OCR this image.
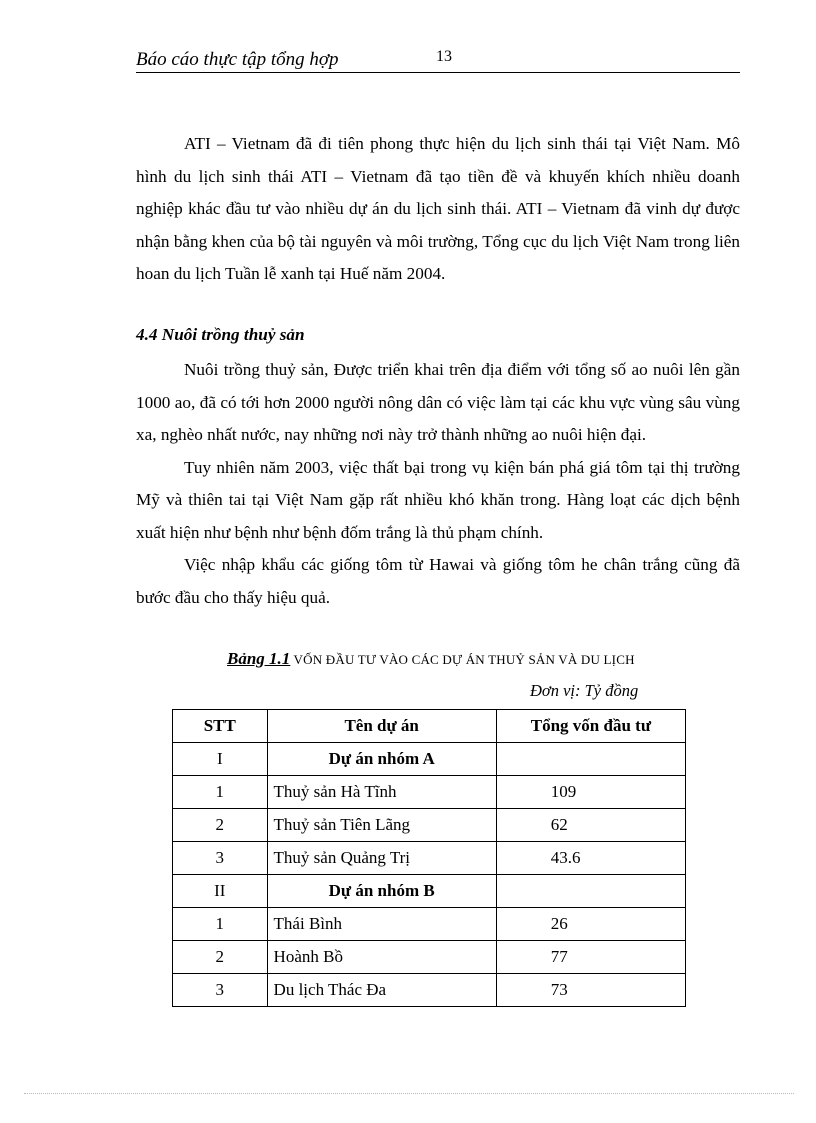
Báo cáo thực tập tổng hợp	13

ATI – Vietnam đã đi tiên phong thực hiện du lịch sinh thái tại Việt Nam. Mô hình du lịch sinh thái ATI – Vietnam đã tạo tiền đề và khuyến khích nhiều doanh nghiệp khác đầu tư vào nhiều dự án du lịch sinh thái. ATI – Vietnam đã vinh dự được nhận bằng khen của bộ tài nguyên và môi trường, Tổng cục du lịch Việt Nam trong liên hoan du lịch Tuần lễ xanh tại Huế năm 2004.

4.4 Nuôi trồng thuỷ sản

Nuôi trồng thuỷ sản, Được triển khai trên địa điểm với tổng số ao nuôi lên gần 1000 ao, đã có tới hơn 2000 người nông dân có việc làm tại các khu vực vùng sâu vùng xa, nghèo nhất nước, nay những nơi này trở thành những ao nuôi hiện đại.

Tuy nhiên năm 2003, việc thất bại trong vụ kiện bán phá giá tôm tại thị trường Mỹ và thiên tai tại Việt Nam gặp rất nhiều khó khăn trong. Hàng loạt các dịch bệnh xuất hiện như bệnh như bệnh đốm trắng là thủ phạm chính.

Việc nhập khẩu các giống tôm từ Hawai và giống tôm he chân trắng cũng đã bước đầu cho thấy hiệu quả.

Bảng 1.1 VỐN ĐẦU TƯ VÀO CÁC DỰ ÁN THUỶ SẢN VÀ DU LỊCH
Đơn vị: Tỷ đồng
STT	Tên dự án	Tổng vốn đầu tư
I	Dự án nhóm A	
1	Thuỷ sản Hà Tĩnh	109
2	Thuỷ sản Tiên Lãng	62
3	Thuỷ sản Quảng Trị	43.6
II	Dự án nhóm B	
1	Thái Bình	26
2	Hoành Bồ	77
3	Du lịch Thác Đa	73
